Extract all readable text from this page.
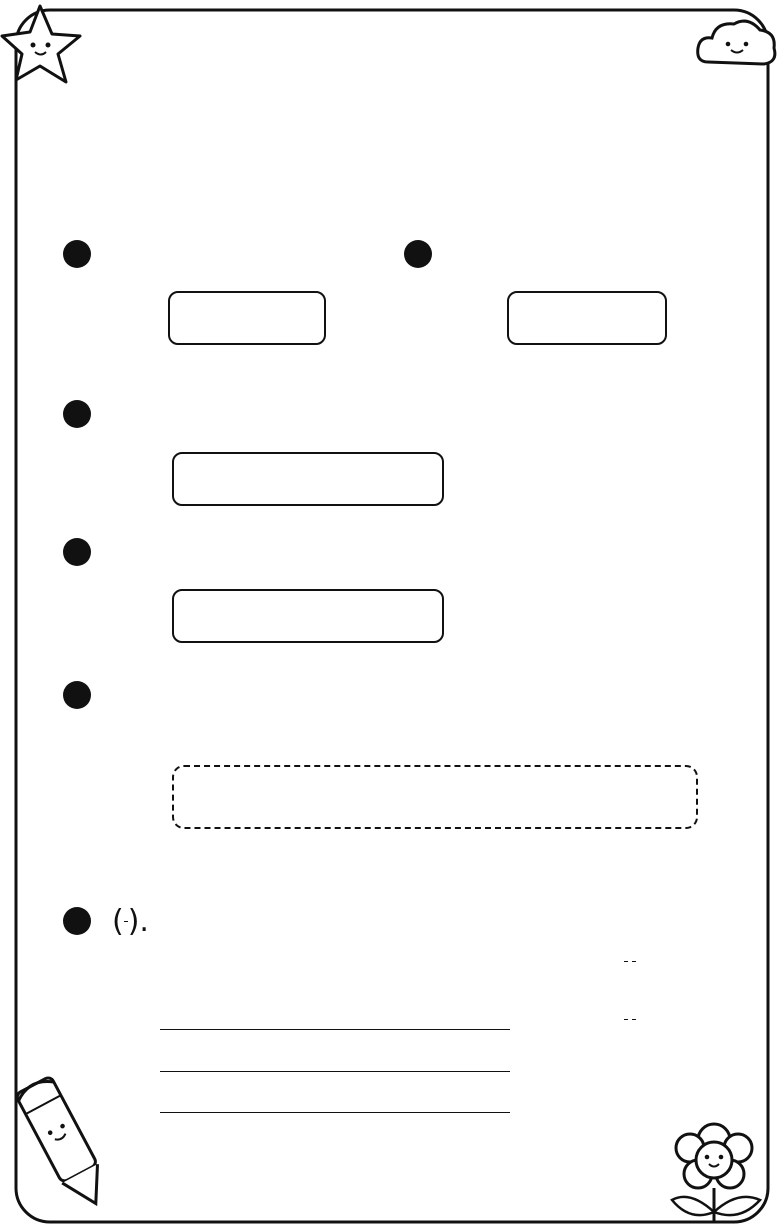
( ).
